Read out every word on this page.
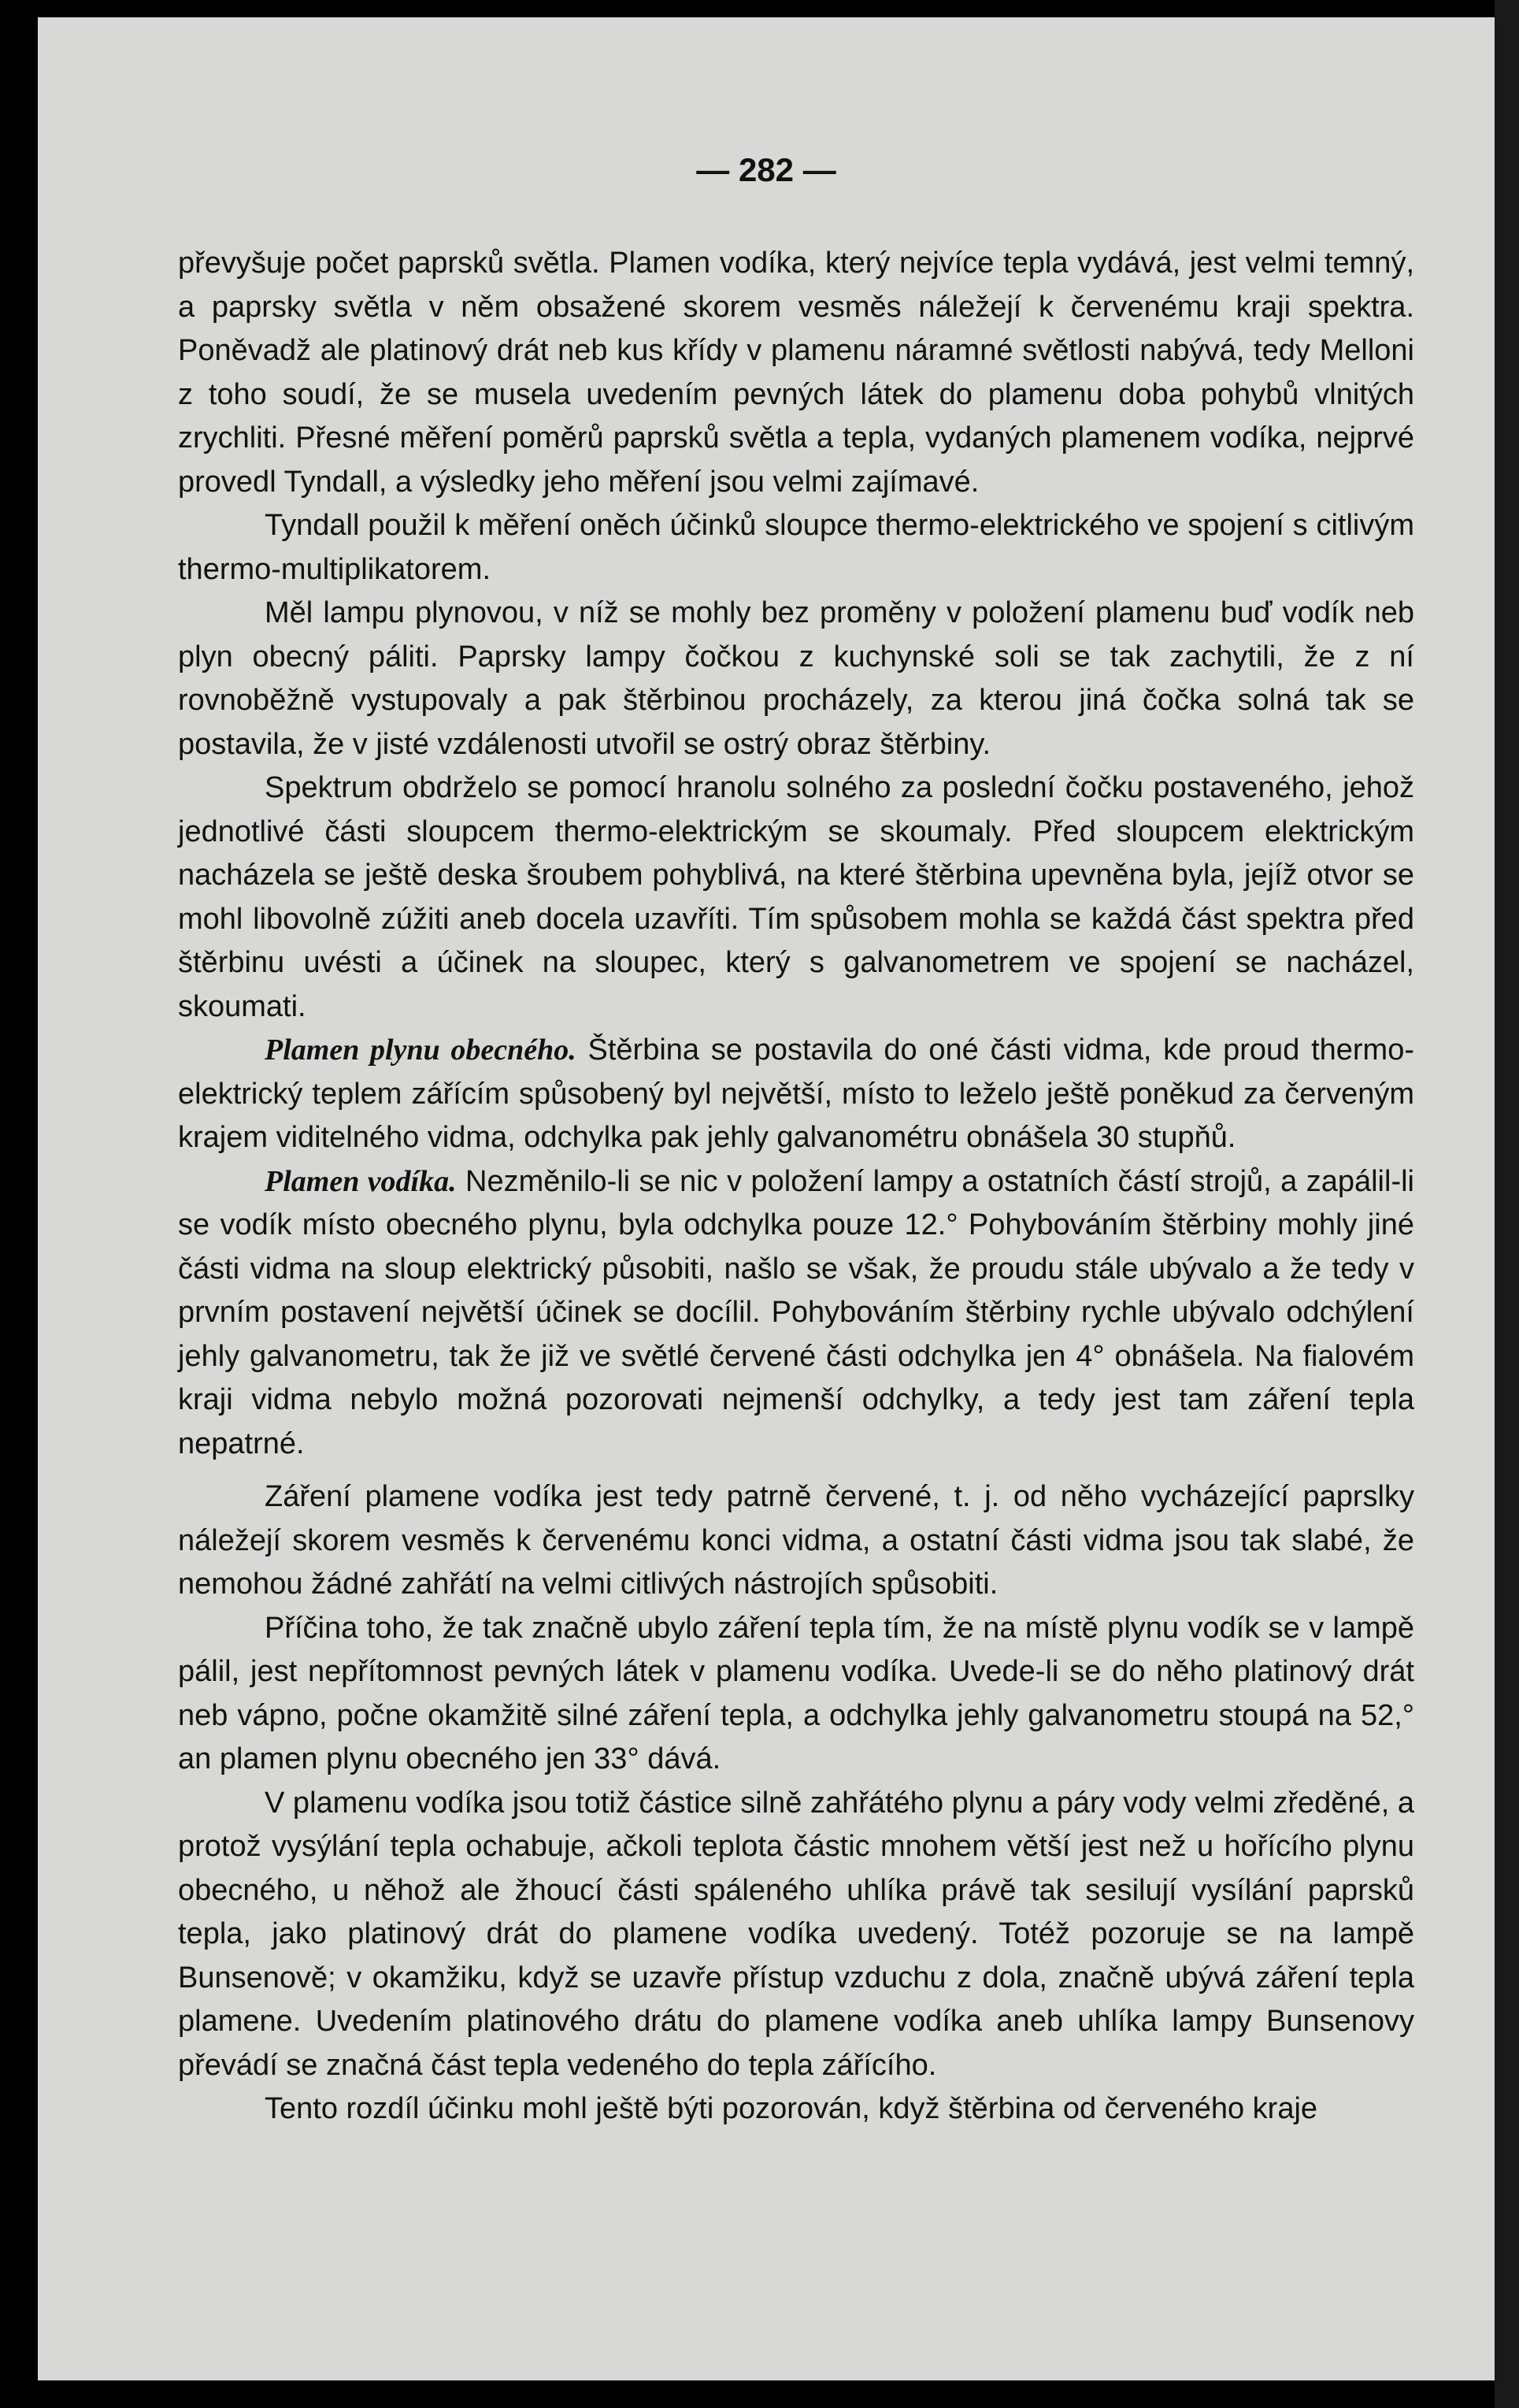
— 282 —

převyšuje počet paprsků světla. Plamen vodíka, který nejvíce tepla vydává, jest velmi temný, a paprsky světla v něm obsažené skorem vesměs náležejí k červenému kraji spektra. Poněvadž ale platinový drát neb kus křídy v plamenu náramné světlosti nabývá, tedy Melloni z toho soudí, že se musela uvedením pevných látek do plamenu doba pohybů vlnitých zrychliti. Přesné měření poměrů paprsků světla a tepla, vydaných plamenem vodíka, nejprvé provedl Tyndall, a výsledky jeho měření jsou velmi zajímavé.

Tyndall použil k měření oněch účinků sloupce thermo-elektrického ve spojení s citlivým thermo-multiplikatorem.

Měl lampu plynovou, v níž se mohly bez proměny v položení plamenu buď vodík neb plyn obecný páliti. Paprsky lampy čočkou z kuchynské soli se tak zachytili, že z ní rovnoběžně vystupovaly a pak štěrbinou procházely, za kterou jiná čočka solná tak se postavila, že v jisté vzdálenosti utvořil se ostrý obraz štěrbiny.

Spektrum obdrželo se pomocí hranolu solného za poslední čočku postaveného, jehož jednotlivé části sloupcem thermo-elektrickým se skoumaly. Před sloupcem elektrickým nacházela se ještě deska šroubem pohyblivá, na které štěrbina upevněna byla, jejíž otvor se mohl libovolně zúžiti aneb docela uzavříti. Tím spůsobem mohla se každá část spektra před štěrbinu uvésti a účinek na sloupec, který s galvanometrem ve spojení se nacházel, skoumati.

Plamen plynu obecného. Štěrbina se postavila do oné části vidma, kde proud thermo-elektrický teplem zářícím spůsobený byl největší, místo to leželo ještě poněkud za červeným krajem viditelného vidma, odchylka pak jehly galvanométru obnášela 30 stupňů.

Plamen vodíka. Nezměnilo-li se nic v položení lampy a ostatních částí strojů, a zapálil-li se vodík místo obecného plynu, byla odchylka pouze 12.° Pohybováním štěrbiny mohly jiné části vidma na sloup elektrický působiti, našlo se však, že proudu stále ubývalo a že tedy v prvním postavení největší účinek se docílil. Pohybováním štěrbiny rychle ubývalo odchýlení jehly galvanometru, tak že již ve světlé červené části odchylka jen 4° obnášela. Na fialovém kraji vidma nebylo možná pozorovati nejmenší odchylky, a tedy jest tam záření tepla nepatrné.

Záření plamene vodíka jest tedy patrně červené, t. j. od něho vycházející paprslky náležejí skorem vesměs k červenému konci vidma, a ostatní části vidma jsou tak slabé, že nemohou žádné zahřátí na velmi citlivých nástrojích spůsobiti.

Příčina toho, že tak značně ubylo záření tepla tím, že na místě plynu vodík se v lampě pálil, jest nepřítomnost pevných látek v plamenu vodíka. Uvede-li se do něho platinový drát neb vápno, počne okamžitě silné záření tepla, a odchylka jehly galvanometru stoupá na 52,° an plamen plynu obecného jen 33° dává.

V plamenu vodíka jsou totiž částice silně zahřátého plynu a páry vody velmi zředěné, a protož vysýlání tepla ochabuje, ačkoli teplota částic mnohem větší jest než u hořícího plynu obecného, u něhož ale žhoucí části spáleného uhlíka právě tak sesilují vysílání paprsků tepla, jako platinový drát do plamene vodíka uvedený. Totéž pozoruje se na lampě Bunsenově; v okamžiku, když se uzavře přístup vzduchu z dola, značně ubývá záření tepla plamene. Uvedením platinového drátu do plamene vodíka aneb uhlíka lampy Bunsenovy převádí se značná část tepla vedeného do tepla zářícího.

Tento rozdíl účinku mohl ještě býti pozorován, když štěrbina od červeného kraje
